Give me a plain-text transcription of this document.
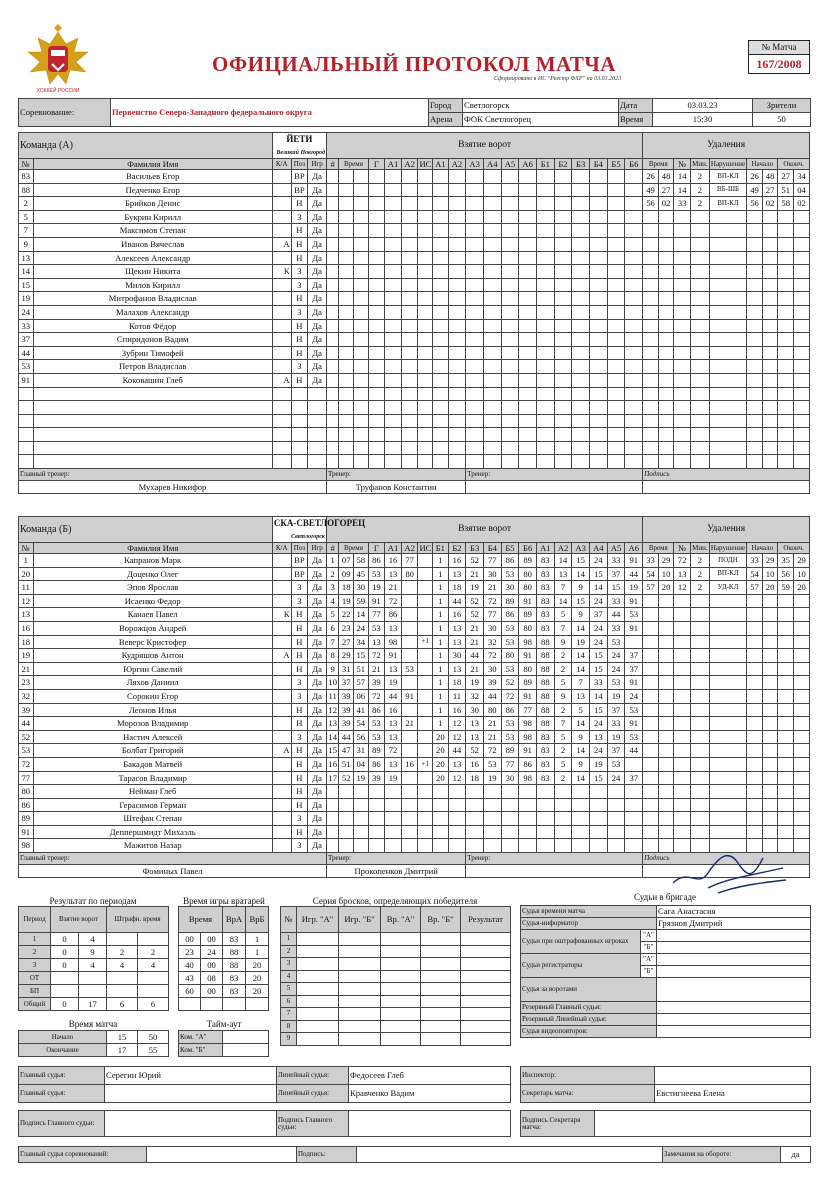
ХОККЕЙ РОССИИ
ОФИЦИАЛЬНЫЙ ПРОТОКОЛ МАТЧА
Сформировано в ИС "Реестр ФХР" на 03.03.2023
№ Матча
167/2008
Соревнование:	Первенство Северо-Западного федерального округа	Город	Светлогорск	Дата	03.03.23	Зрители
		Арена	ФОК Светлогорец	Время	15:30	50
Команда (А)		ЙЕТИ
Великий Новгород			Взятие ворот																			Удаления								
№	Фамилия Имя	К/А	Поз	Игр	#	Время		Г	А1	А2	ИС	А1	А2	А3	А4	А5	А6	Б1	Б2	Б3	Б4	Б5	Б6	Время		№	Мин.	Нарушение	Начало		Оконч.	
83	Васильев Егор		ВР	Да																				26	48	14	2	ВП-КЛ	26	48	27	34
88	Педченко Егор		ВР	Да																				49	27	14	2	ВБ-ШБ	49	27	51	04
2	Брийков Денис		Н	Да																				56	02	33	2	ВП-КЛ	56	02	58	02
5	Букрин Кирилл		З	Да																												
7	Максимов Степан		Н	Да																												
9	Иванов Вячеслав	А	Н	Да																												
13	Алексеев Александр		Н	Да																												
14	Щекин Никита	К	З	Да																												
15	Милов Кирилл		З	Да																												
19	Митрофанов Владислав		Н	Да																												
24	Малахов Александр		З	Да																												
33	Котов Фёдор		Н	Да																												
37	Спиридонов Вадим		Н	Да																												
44	Зубрин Тимофей		Н	Да																												
53	Петров Владислав		З	Да																												
91	Коковашин Глеб	А	Н	Да																												

Главный тренер:					Тренер:									Тренер:										Подпись								
Мухарев Никифор					Труфанов Константин																											
Команда (Б)		СКА-СВЕТЛОГОРЕЦ
Светлогорск			Взятие ворот																			Удаления								
№	Фамилия Имя	К/А	Поз	Игр	#	Время		Г	А1	А2	ИС	Б1	Б2	Б3	Б4	Б5	Б6	А1	А2	А3	А4	А5	А6	Время		№	Мин.	Нарушение	Начало		Оконч.	
1	Капранов Марк		ВР	Да	1	07	58	86	16	77		1	16	52	77	86	89	83	14	15	24	33	91	33	29	72	2	ПОДН	33	29	35	29
20	Доценко Олег		ВР	Да	2	09	45	53	13	80		1	13	21	30	53	80	83	13	14	15	37	44	54	10	13	2	ВП-КЛ	54	10	56	10
11	Эпов Ярослав		З	Да	3	18	30	19	21			1	18	19	21	30	80	83	7	9	14	15	19	57	20	12	2	УД-КЛ	57	20	59	20
12	Исаенко Федор		З	Да	4	19	59	91	72			1	44	52	72	89	91	83	14	15	24	33	91									
13	Канаев Павел	К	Н	Да	5	22	14	77	86			1	16	52	77	86	89	83	5	9	37	44	53									
16	Ворожцов Андрей		Н	Да	6	23	24	53	13			1	13	21	30	53	80	83	7	14	24	33	91									
18	Веверс Кристофер		Н	Да	7	27	34	13	98		+1	1	13	21	32	53	98	88	9	19	24	53										
19	Кудряшов Антон	А	Н	Да	8	29	15	72	91			1	30	44	72	80	91	88	2	14	15	24	37									
21	Юргин Савелий		Н	Да	9	31	51	21	13	53		1	13	21	30	53	80	88	2	14	15	24	37									
23	Ляхов Даниил		З	Да	10	37	57	39	19			1	18	19	39	52	89	88	5	7	33	53	91									
32	Сорокин Егор		З	Да	11	39	06	72	44	91		1	11	32	44	72	91	88	9	13	14	19	24									
39	Леонов Илья		Н	Да	12	39	41	86	16			1	16	30	80	86	77	88	2	5	15	37	53									
44	Морозов Владимир		Н	Да	13	39	54	53	13	21		1	12	13	21	53	98	88	7	14	24	33	91									
52	Настич Алексей		З	Да	14	44	56	53	13			20	12	13	21	53	98	83	5	9	13	19	53									
53	Болбат Григорий	А	Н	Да	15	47	31	89	72			20	44	52	72	89	91	83	2	14	24	37	44									
72	Бакадов Матвей		Н	Да	16	51	04	86	13	16	+1	20	13	16	53	77	86	83	5	9	19	53										
77	Тарасов Владимир		Н	Да	17	52	19	39	19			20	12	18	19	30	98	83	2	14	15	24	37									
80	Нейман Глеб		Н	Да																												
86	Герасимов Герман		Н	Да																												
89	Штефан Степан		З	Да																												
91	Деппершмидт Михаэль		Н	Да																												
98	Мажитов Назар		З	Да																												
Главный тренер:					Тренер:									Тренер:										Подпись								
Фоминых Павел					Прокопенков Дмитрий																											
Результат по периодам
Период	Взятие ворот		Штрафн. время	
1	0	4		
2	0	9	2	2
3	0	4	4	4
ОТ				
БП				
Общий	0	17	6	6
Время матча
Начало	15	50
Окончание	17	55
Время игры вратарей
Время		ВрА	ВрБ
00	00	83	1
23	24	88	1
40	00	88	20
43	08	83	20
60	00	83	20

Тайм-аут
Ком. "А"	
Ком. "Б"	
Серия бросков, определяющих победителя
№	Игр. "А"	Игр. "Б"	Вр. "А"	Вр. "Б"	Результат
1					
2					
3					
4					
5					
6					
7					
8					
9					
Судьи в бригаде
Судья времени матча		Сага Анастасия
Судья-информатор		Грязнов Дмитрий
Судьи при оштрафованных игроках	"А"	
	"Б"	
Судьи регистраторы	"А"	
	"Б"	
Судья за воротами		
Резервный Главный судья:		
Резервный Линейный судья:		
Судья видеоповторов:		
Главный судья:	Серегин Юрий	Линейный судья:	Федосеев Глеб
Главный судья:		Линейный судья:	Кравченко Вадим
Инспектор:	
Секретарь матча:	Евстигнеева Елена
Подпись Главного судьи:		Подпись Главного судьи:	
Подпись Секретаря матча:	
Главный судья соревнований:		Подпись:		Замечания на обороте:	да
